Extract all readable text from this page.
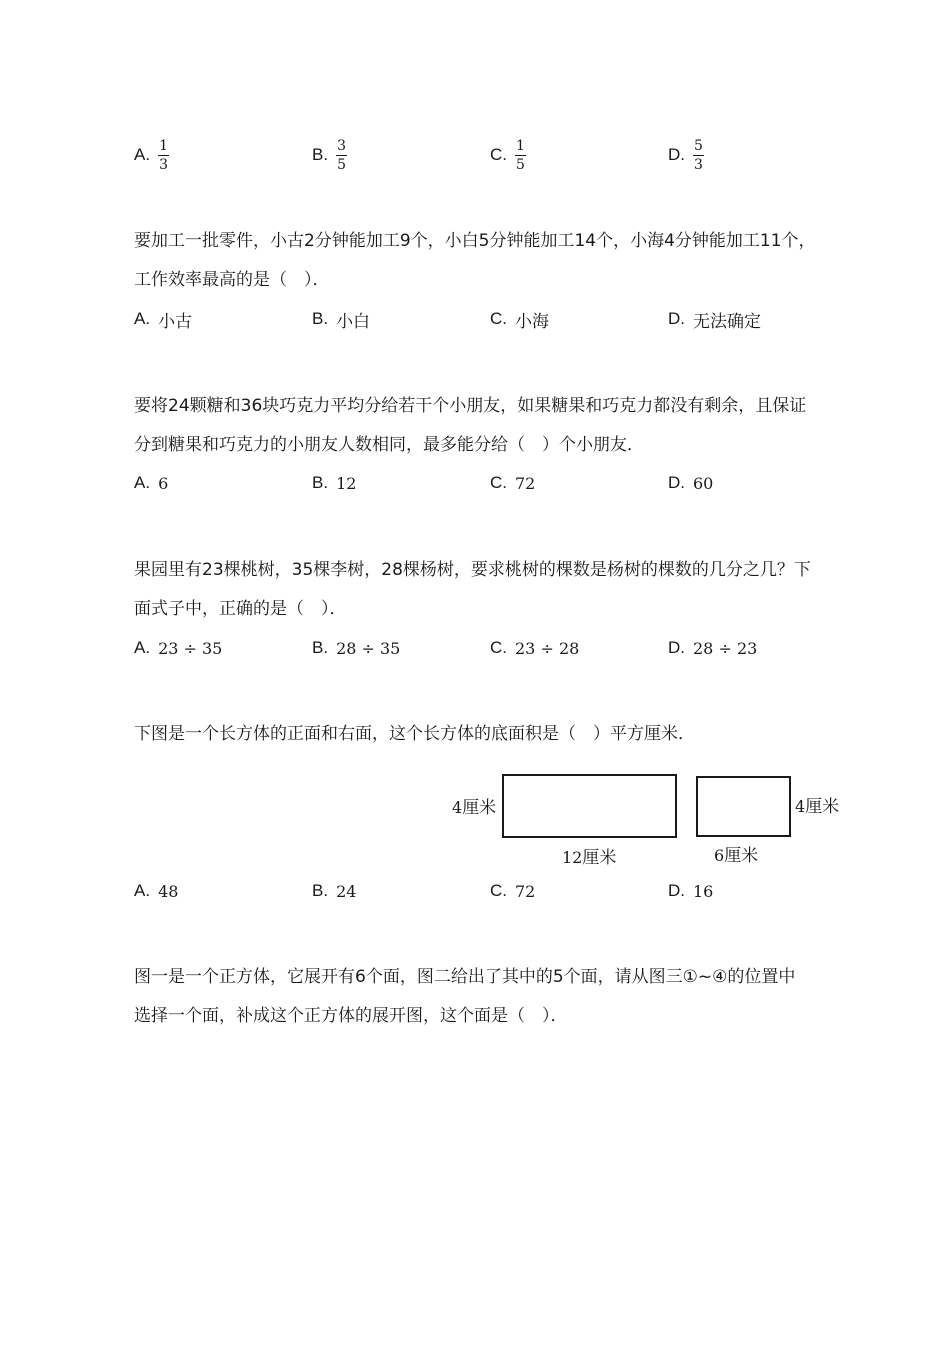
A. $\frac{1}{3}$	B. $\frac{3}{5}$	C. $\frac{1}{5}$	D. $\frac{5}{3}$

要加工一批零件，小古2分钟能加工9个，小白5分钟能加工14个，小海4分钟能加工11个，
工作效率最高的是（　）．

A. 小古	B. 小白	C. 小海	D. 无法确定

要将24颗糖和36块巧克力平均分给若干个小朋友，如果糖果和巧克力都没有剩余，且保证
分到糖果和巧克力的小朋友人数相同，最多能分给（　）个小朋友．

A. 6	B. 12	C. 72	D. 60

果园里有23棵桃树，35棵李树，28棵杨树，要求桃树的棵数是杨树的棵数的几分之几？下
面式子中，正确的是（　）．

A. 23 ÷ 35	B. 28 ÷ 35	C. 23 ÷ 28	D. 28 ÷ 23

下图是一个长方体的正面和右面，这个长方体的底面积是（　）平方厘米．

4厘米
12厘米
4厘米
6厘米
A. 48	B. 24	C. 72	D. 16

图一是一个正方体，它展开有6个面，图二给出了其中的5个面，请从图三①~④的位置中
选择一个面，补成这个正方体的展开图，这个面是（　）．
